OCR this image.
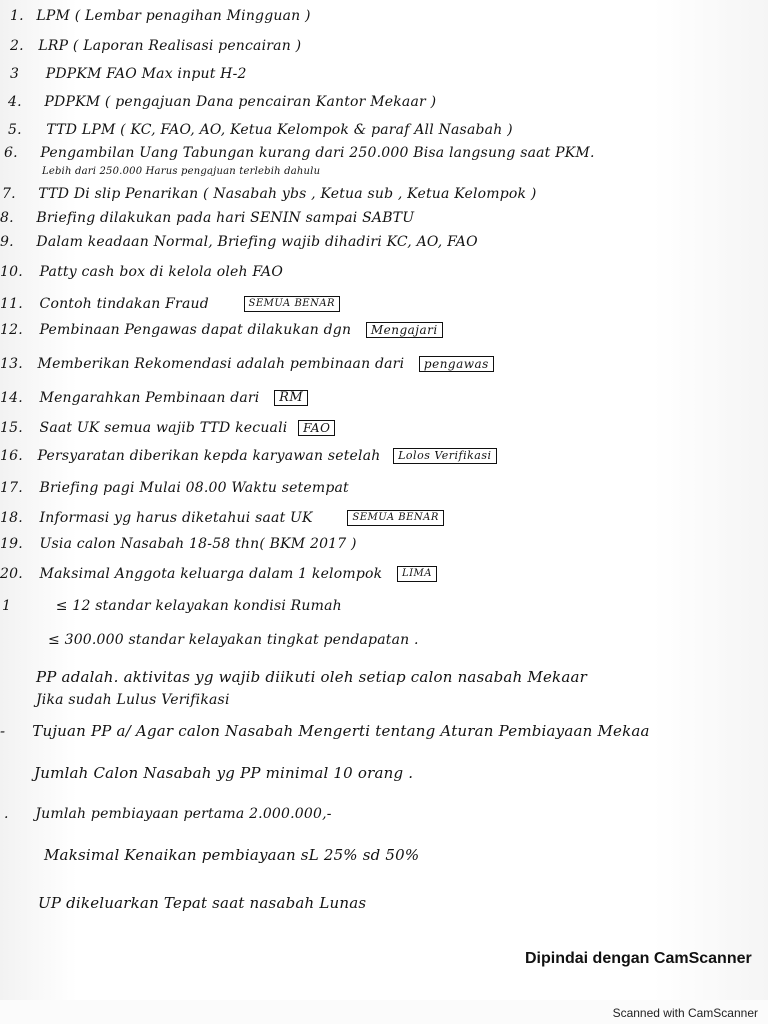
1. LPM ( Lembar penagihan Mingguan )
2. LRP ( Laporan Realisasi pencairan )
3 PDPKM FAO Max input H-2
4. PDPKM ( pengajuan Dana pencairan Kantor Mekaar )
5. TTD LPM ( KC, FAO, AO, Ketua Kelompok & paraf All Nasabah )
6. Pengambilan Uang Tabungan kurang dari 250.000 Bisa langsung saat PKM.
Lebih dari 250.000 Harus pengajuan terlebih dahulu
7. TTD Di slip Penarikan ( Nasabah ybs , Ketua sub , Ketua Kelompok )
8. Briefing dilakukan pada hari SENIN sampai SABTU
9. Dalam keadaan Normal, Briefing wajib dihadiri KC, AO, FAO
10. Patty cash box di kelola oleh FAO
11. Contoh tindakan Fraud	SEMUA BENAR
12. Pembinaan Pengawas dapat dilakukan dgn Mengajari
13. Memberikan Rekomendasi adalah pembinaan dari pengawas
14. Mengarahkan Pembinaan dari RM
15. Saat UK semua wajib TTD kecuali FAO
16. Persyaratan diberikan kepda karyawan setelah Lolos Verifikasi
17. Briefing pagi Mulai 08.00 Waktu setempat
18. Informasi yg harus diketahui saat UK	SEMUA BENAR
19. Usia calon Nasabah 18-58 thn( BKM 2017 )
20. Maksimal Anggota keluarga dalam 1 kelompok LIMA
1	≤ 12 standar kelayakan kondisi Rumah
≤ 300.000 standar kelayakan tingkat pendapatan .
PP adalah. aktivitas yg wajib diikuti oleh setiap calon nasabah Mekaar
Jika sudah Lulus Verifikasi
- Tujuan PP a/ Agar calon Nasabah Mengerti tentang Aturan Pembiayaan Mekaa
Jumlah Calon Nasabah yg PP minimal 10 orang .
. Jumlah pembiayaan pertama 2.000.000,-
Maksimal Kenaikan pembiayaan sL 25% sd 50%
UP dikeluarkan Tepat saat nasabah Lunas
Dipindai dengan CamScanner
Scanned with CamScanner
